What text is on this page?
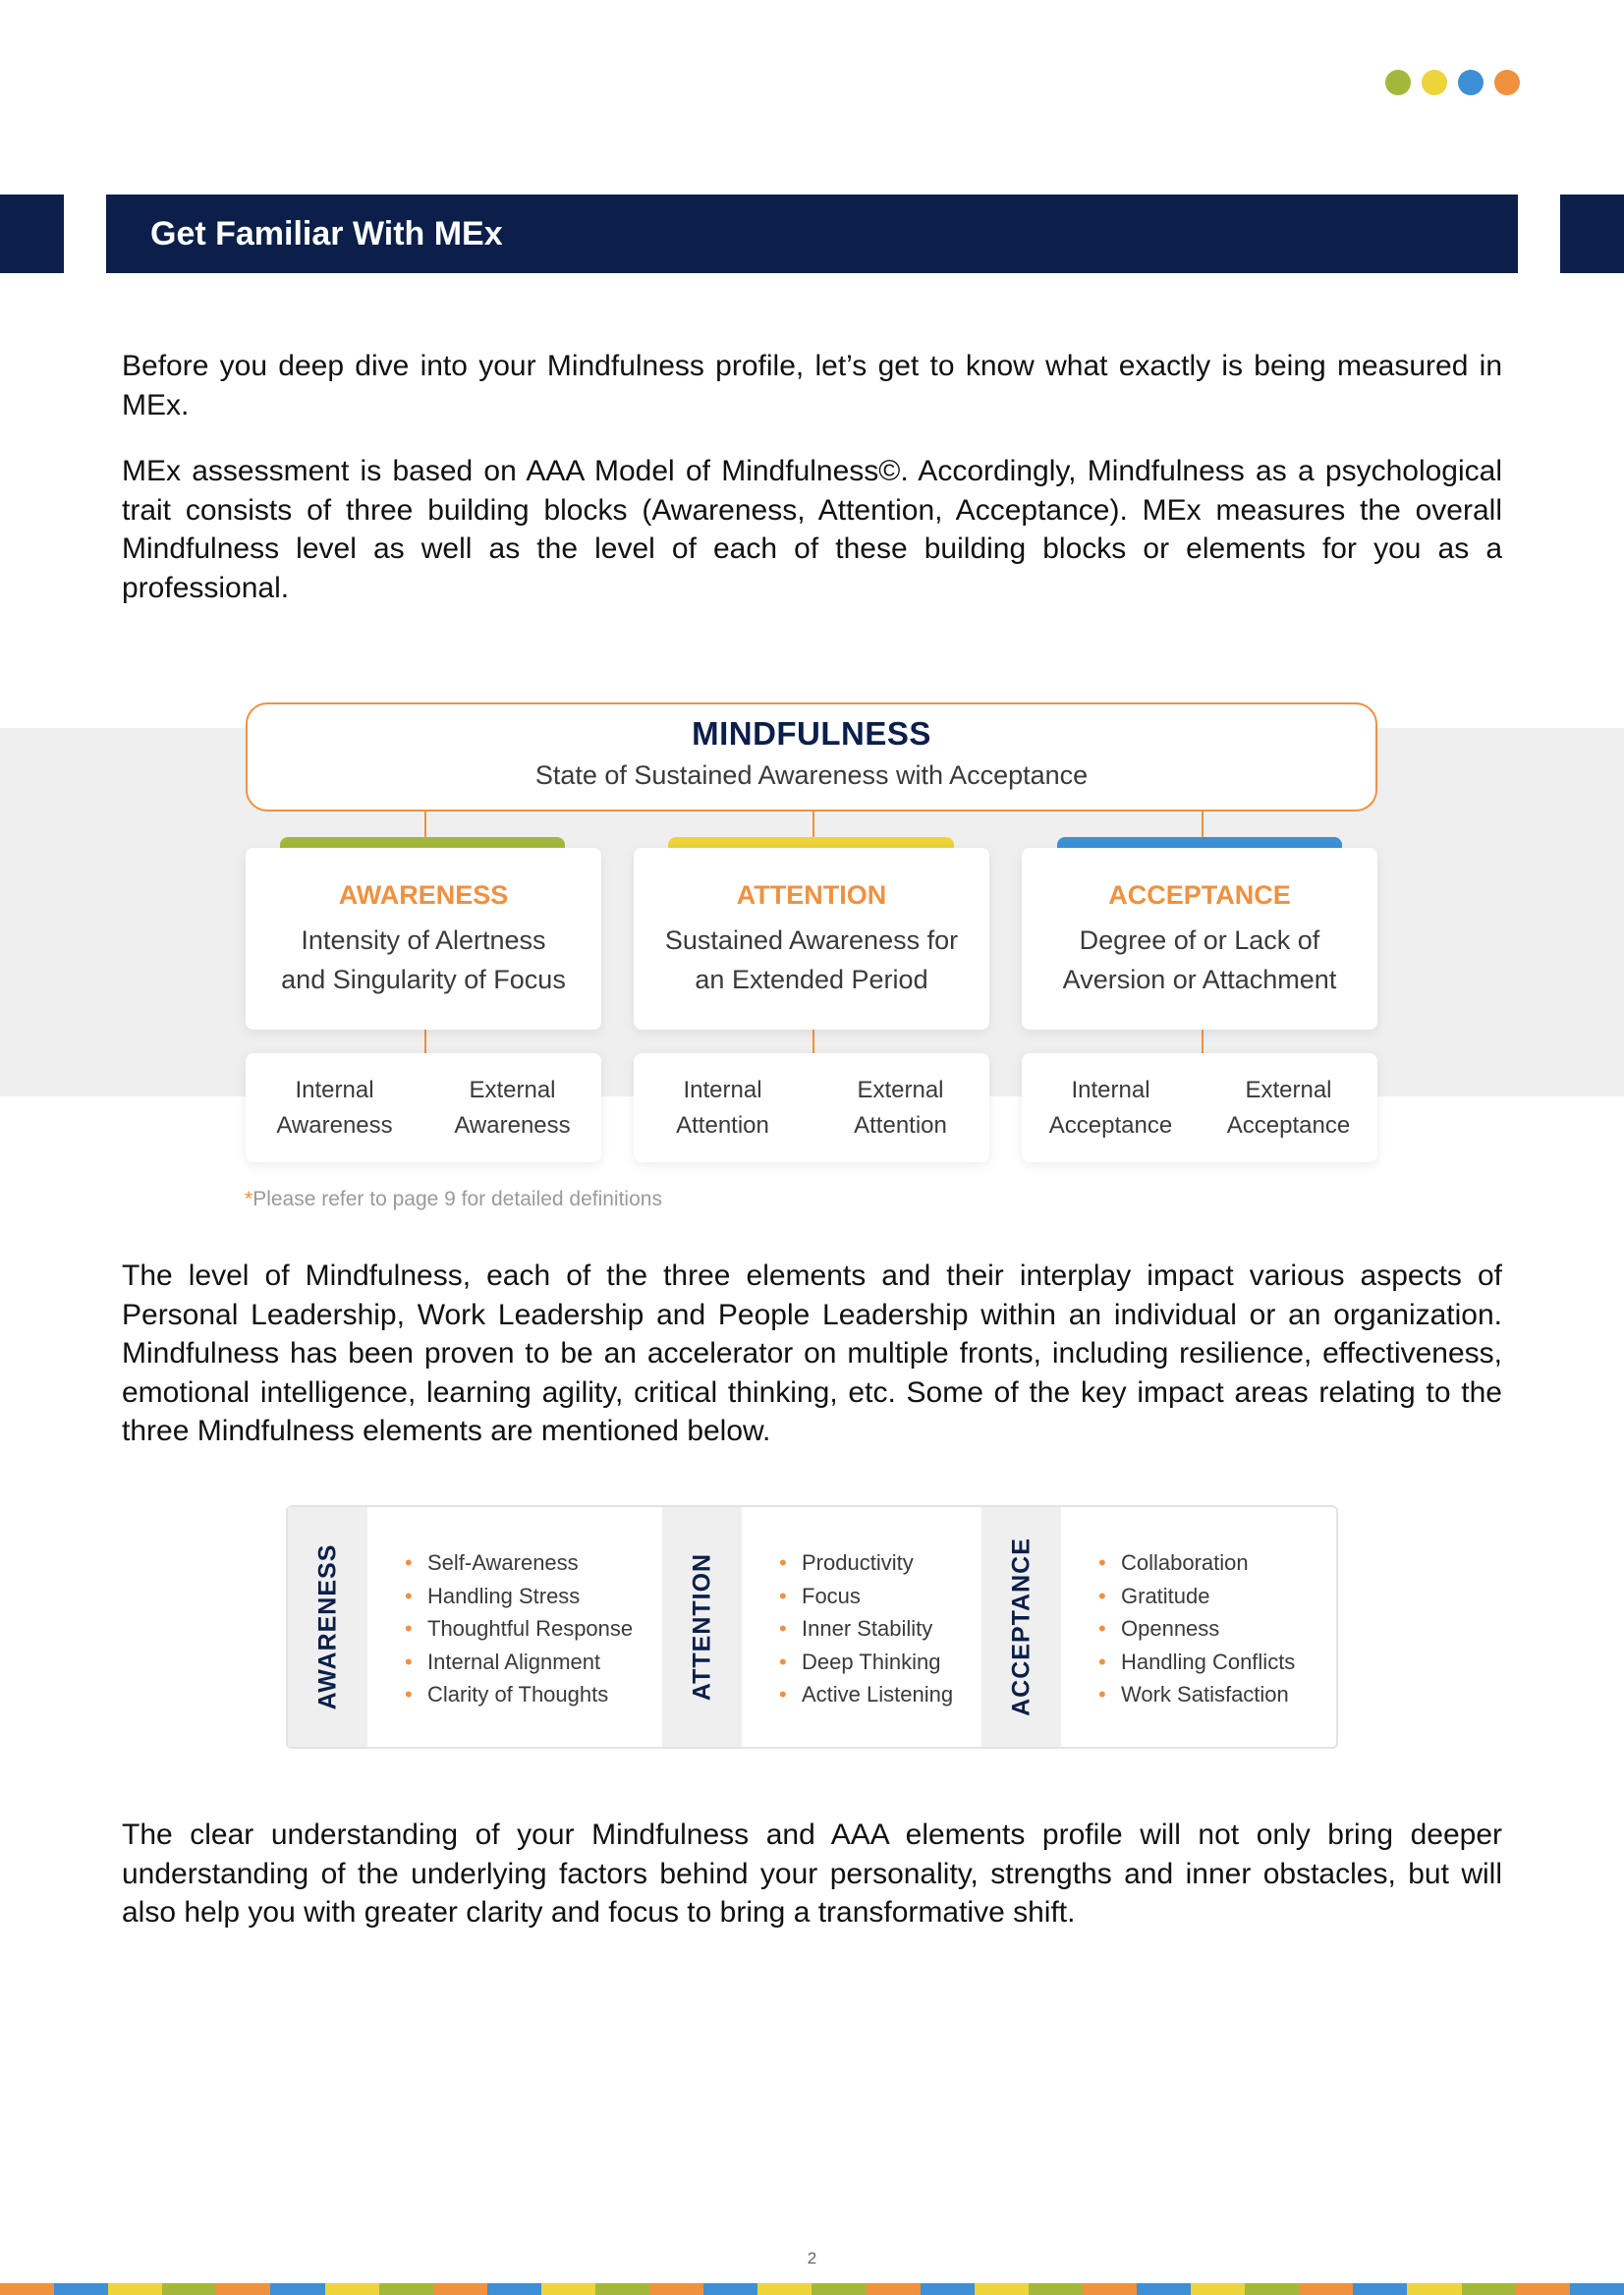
Get Familiar With MEx

Before you deep dive into your Mindfulness profile, let’s get to know what exactly is being measured in MEx.

MEx assessment is based on AAA Model of Mindfulness©. Accordingly, Mindfulness as a psychological trait consists of three building blocks (Awareness, Attention, Acceptance). MEx measures the overall Mindfulness level as well as the level of each of these building blocks or elements for you as a professional.

MINDFULNESS
State of Sustained Awareness with Acceptance
AWARENESS
Intensity of Alertness
and Singularity of Focus
ATTENTION
Sustained Awareness for
an Extended Period
ACCEPTANCE
Degree of or Lack of
Aversion or Attachment
Internal
Awareness
External
Awareness
Internal
Attention
External
Attention
Internal
Acceptance
External
Acceptance
*Please refer to page 9 for detailed definitions

The level of Mindfulness, each of the three elements and their interplay impact various aspects of Personal Leadership, Work Leadership and People Leadership within an individual or an organization. Mindfulness has been proven to be an accelerator on multiple fronts, including resilience, effectiveness, emotional intelligence, learning agility, critical thinking, etc. Some of the key impact areas relating to the three Mindfulness elements are mentioned below.

AWARENESS	• Self-Awareness
• Handling Stress
• Thoughtful Response
• Internal Alignment
• Clarity of Thoughts	ATTENTION	• Productivity
• Focus
• Inner Stability
• Deep Thinking
• Active Listening ACCEPTANCE	• Collaboration
• Gratitude
• Openness
• Handling Conflicts
• Work Satisfaction

The clear understanding of your Mindfulness and AAA elements profile will not only bring deeper understanding of the underlying factors behind your personality, strengths and inner obstacles, but will also help you with greater clarity and focus to bring a transformative shift.

2
